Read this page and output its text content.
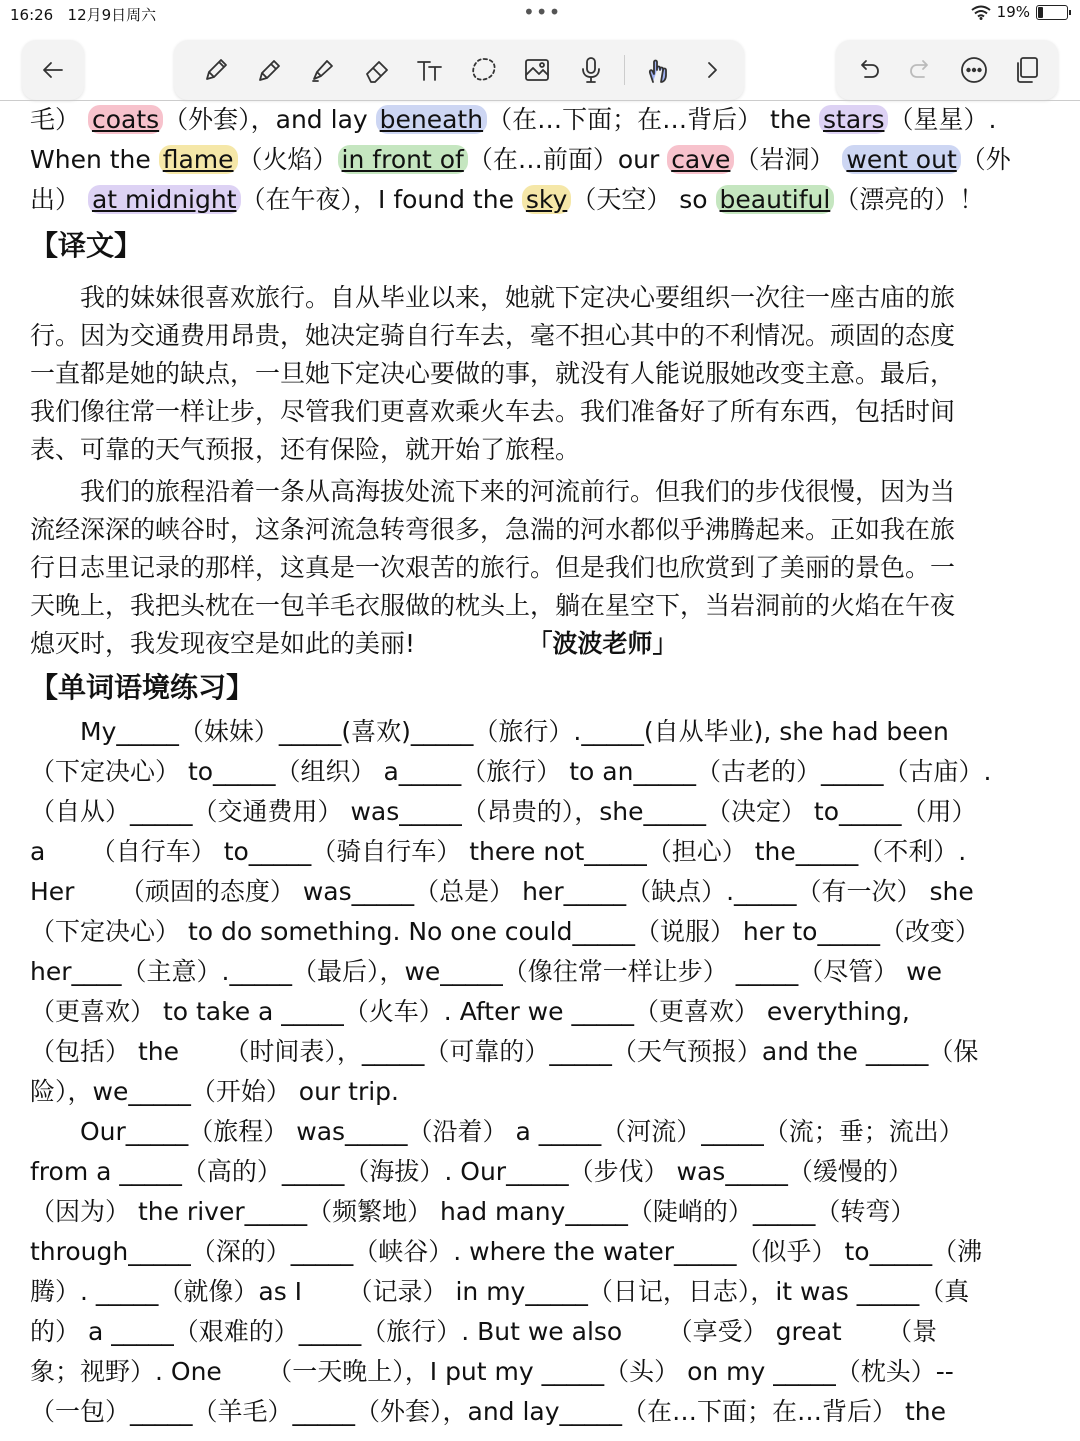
16:26 12月9日周六	•••	19%
毛） coats （外套），and lay beneath （在…下面；在…背后） the stars （星星）.
When the flame （火焰） in front of （在…前面）our cave （岩洞） went out （外
出） at midnight （在午夜），I found the sky （天空） so beautiful （漂亮的）！
【译文】
　　我的妹妹很喜欢旅行。自从毕业以来，她就下定决心要组织一次往一座古庙的旅
行。因为交通费用昂贵，她决定骑自行车去，毫不担心其中的不利情况。顽固的态度
一直都是她的缺点，一旦她下定决心要做的事，就没有人能说服她改变主意。最后，
我们像往常一样让步，尽管我们更喜欢乘火车去。我们准备好了所有东西，包括时间
表、可靠的天气预报，还有保险，就开始了旅程。
　　我们的旅程沿着一条从高海拔处流下来的河流前行。但我们的步伐很慢，因为当
流经深深的峡谷时，这条河流急转弯很多，急湍的河水都似乎沸腾起来。正如我在旅
行日志里记录的那样，这真是一次艰苦的旅行。但是我们也欣赏到了美丽的景色。一
天晚上，我把头枕在一包羊毛衣服做的枕头上，躺在星空下，当岩洞前的火焰在午夜
熄灭时，我发现夜空是如此的美丽!　　　　　「波波老师」
【单词语境练习】
　　My_____（妹妹）_____(喜欢)_____（旅行）._____(自从毕业), she had been
（下定决心） to_____（组织） a_____（旅行） to an_____（古老的）_____（古庙）.
（自从）_____（交通费用） was_____（昂贵的），she_____（决定） to_____（用）
a 　　（自行车） to_____（骑自行车） there not_____（担心） the_____（不利）.
Her 　　（顽固的态度） was_____（总是） her_____（缺点）._____（有一次） she
（下定决心） to do something. No one could_____（说服） her to_____（改变）
her____（主意）._____（最后），we_____（像往常一样让步） _____（尽管） we
（更喜欢） to take a _____（火车）. After we _____（更喜欢） everything,
（包括） the 　　（时间表），_____（可靠的）_____（天气预报）and the _____（保
险），we_____（开始） our trip.
　　Our_____（旅程） was_____（沿着） a _____（河流）_____（流；垂；流出）
from a _____（高的）_____（海拔）. Our_____（步伐） was_____（缓慢的）
（因为） the river_____（频繁地） had many_____（陡峭的）_____（转弯）
through_____（深的）_____（峡谷）. where the water_____（似乎） to_____（沸
腾）. _____（就像）as I 　　（记录） in my_____（日记，日志），it was _____（真
的） a _____（艰难的）_____（旅行）. But we also 　　（享受） great 　　（景
象；视野）. One 　　（一天晚上），I put my _____（头） on my _____（枕头）--
（一包）_____（羊毛）_____（外套），and lay_____（在…下面；在…背后） the
